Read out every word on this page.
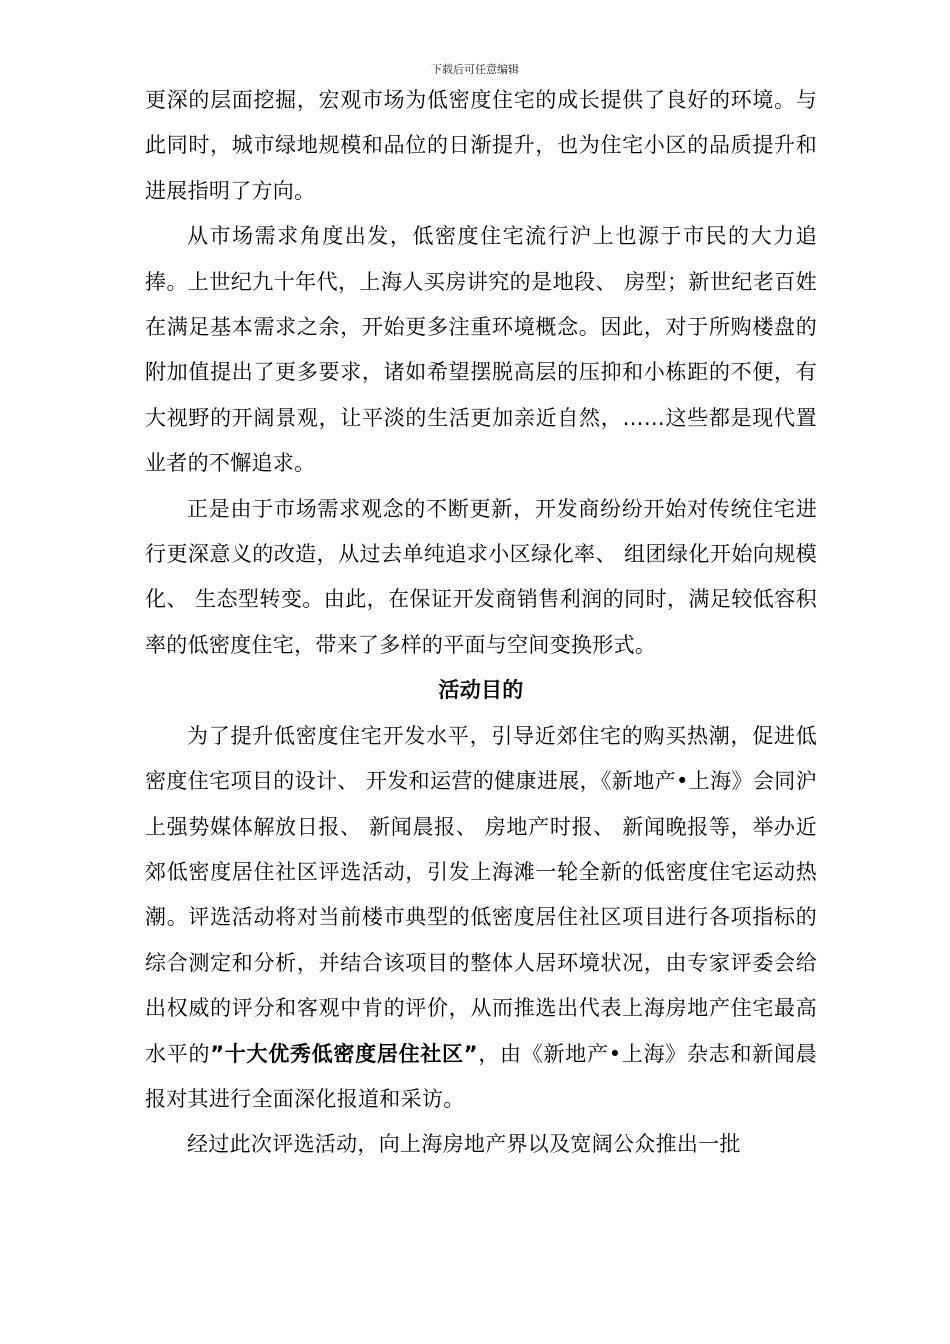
下载后可任意编辑

更深的层面挖掘，宏观市场为低密度住宅的成长提供了良好的环境。与此同时，城市绿地规模和品位的日渐提升，也为住宅小区的品质提升和进展指明了方向。

从市场需求角度出发，低密度住宅流行沪上也源于市民的大力追捧。上世纪九十年代，上海人买房讲究的是地段、 房型；新世纪老百姓在满足基本需求之余，开始更多注重环境概念。因此，对于所购楼盘的附加值提出了更多要求，诸如希望摆脱高层的压抑和小栋距的不便，有大视野的开阔景观，让平淡的生活更加亲近自然，……这些都是现代置业者的不懈追求。

正是由于市场需求观念的不断更新，开发商纷纷开始对传统住宅进行更深意义的改造，从过去单纯追求小区绿化率、 组团绿化开始向规模化、 生态型转变。由此，在保证开发商销售利润的同时，满足较低容积率的低密度住宅，带来了多样的平面与空间变换形式。

活动目的

为了提升低密度住宅开发水平，引导近郊住宅的购买热潮，促进低密度住宅项目的设计、 开发和运营的健康进展，《新地产•上海》会同沪上强势媒体解放日报、 新闻晨报、 房地产时报、 新闻晚报等，举办近郊低密度居住社区评选活动，引发上海滩一轮全新的低密度住宅运动热潮。评选活动将对当前楼市典型的低密度居住社区项目进行各项指标的综合测定和分析，并结合该项目的整体人居环境状况，由专家评委会给出权威的评分和客观中肯的评价，从而推选出代表上海房地产住宅最高水平的”十大优秀低密度居住社区”，由《新地产•上海》杂志和新闻晨报对其进行全面深化报道和采访。

经过此次评选活动，向上海房地产界以及宽阔公众推出一批
